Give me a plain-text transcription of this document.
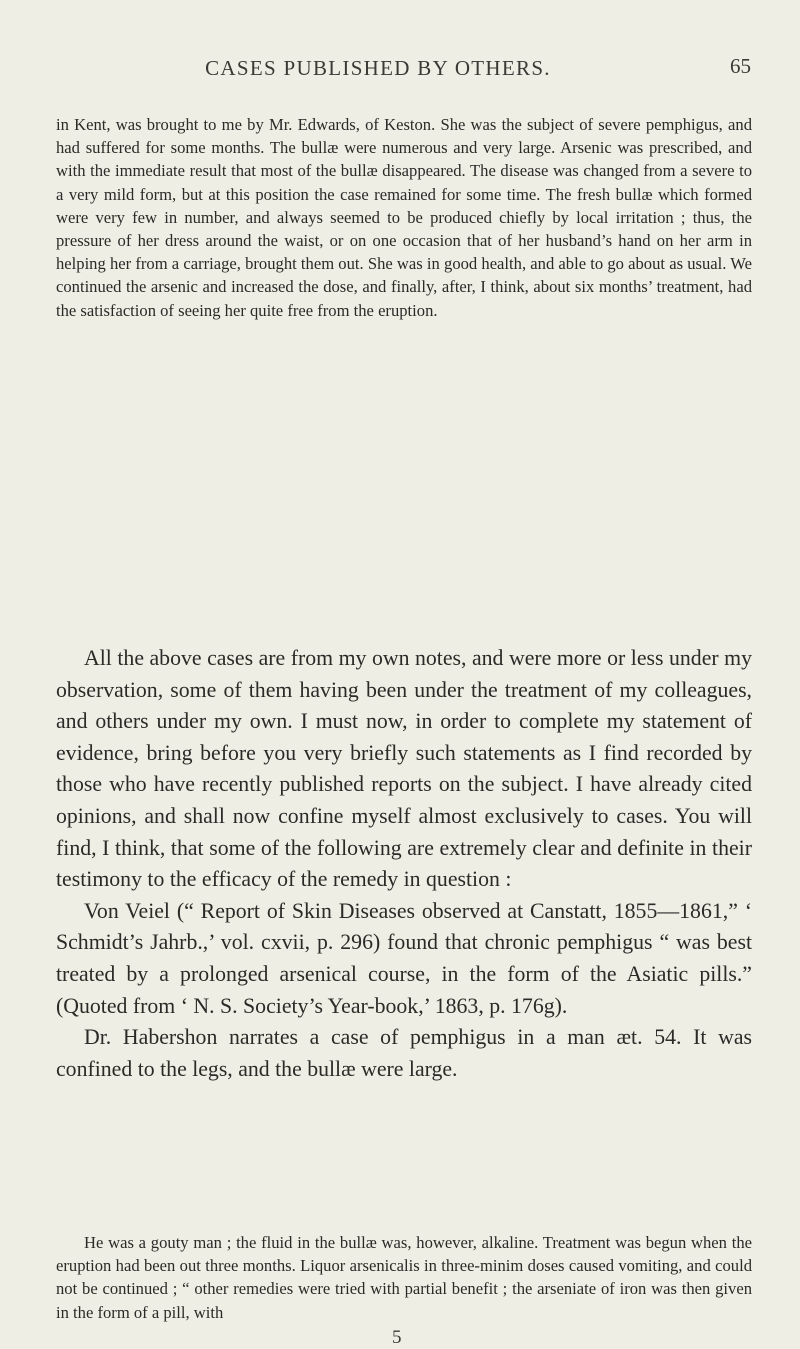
CASES PUBLISHED BY OTHERS.	65

in Kent, was brought to me by Mr. Edwards, of Keston. She was the subject of severe pemphigus, and had suffered for some months. The bullæ were numerous and very large. Arsenic was prescribed, and with the immediate result that most of the bullæ disappeared. The disease was changed from a severe to a very mild form, but at this position the case remained for some time. The fresh bullæ which formed were very few in number, and always seemed to be produced chiefly by local irritation ; thus, the pressure of her dress around the waist, or on one occasion that of her husband’s hand on her arm in helping her from a carriage, brought them out. She was in good health, and able to go about as usual. We continued the arsenic and increased the dose, and finally, after, I think, about six months’ treatment, had the satisfaction of seeing her quite free from the eruption.

All the above cases are from my own notes, and were more or less under my observation, some of them having been under the treatment of my colleagues, and others under my own. I must now, in order to complete my statement of evidence, bring before you very briefly such statements as I find recorded by those who have recently published reports on the subject. I have already cited opinions, and shall now confine myself almost exclusively to cases. You will find, I think, that some of the following are extremely clear and definite in their testimony to the efficacy of the remedy in question :

Von Veiel (“ Report of Skin Diseases observed at Canstatt, 1855—1861,” ‘ Schmidt’s Jahrb.,’ vol. cxvii, p. 296) found that chronic pemphigus “ was best treated by a prolonged arsenical course, in the form of the Asiatic pills.” (Quoted from ‘ N. S. Society’s Year-book,’ 1863, p. 176g).

Dr. Habershon narrates a case of pemphigus in a man æt. 54. It was confined to the legs, and the bullæ were large.

He was a gouty man ; the fluid in the bullæ was, however, alkaline. Treatment was begun when the eruption had been out three months. Liquor arsenicalis in three-minim doses caused vomiting, and could not be continued ; “ other remedies were tried with partial benefit ; the arseniate of iron was then given in the form of a pill, with

5
